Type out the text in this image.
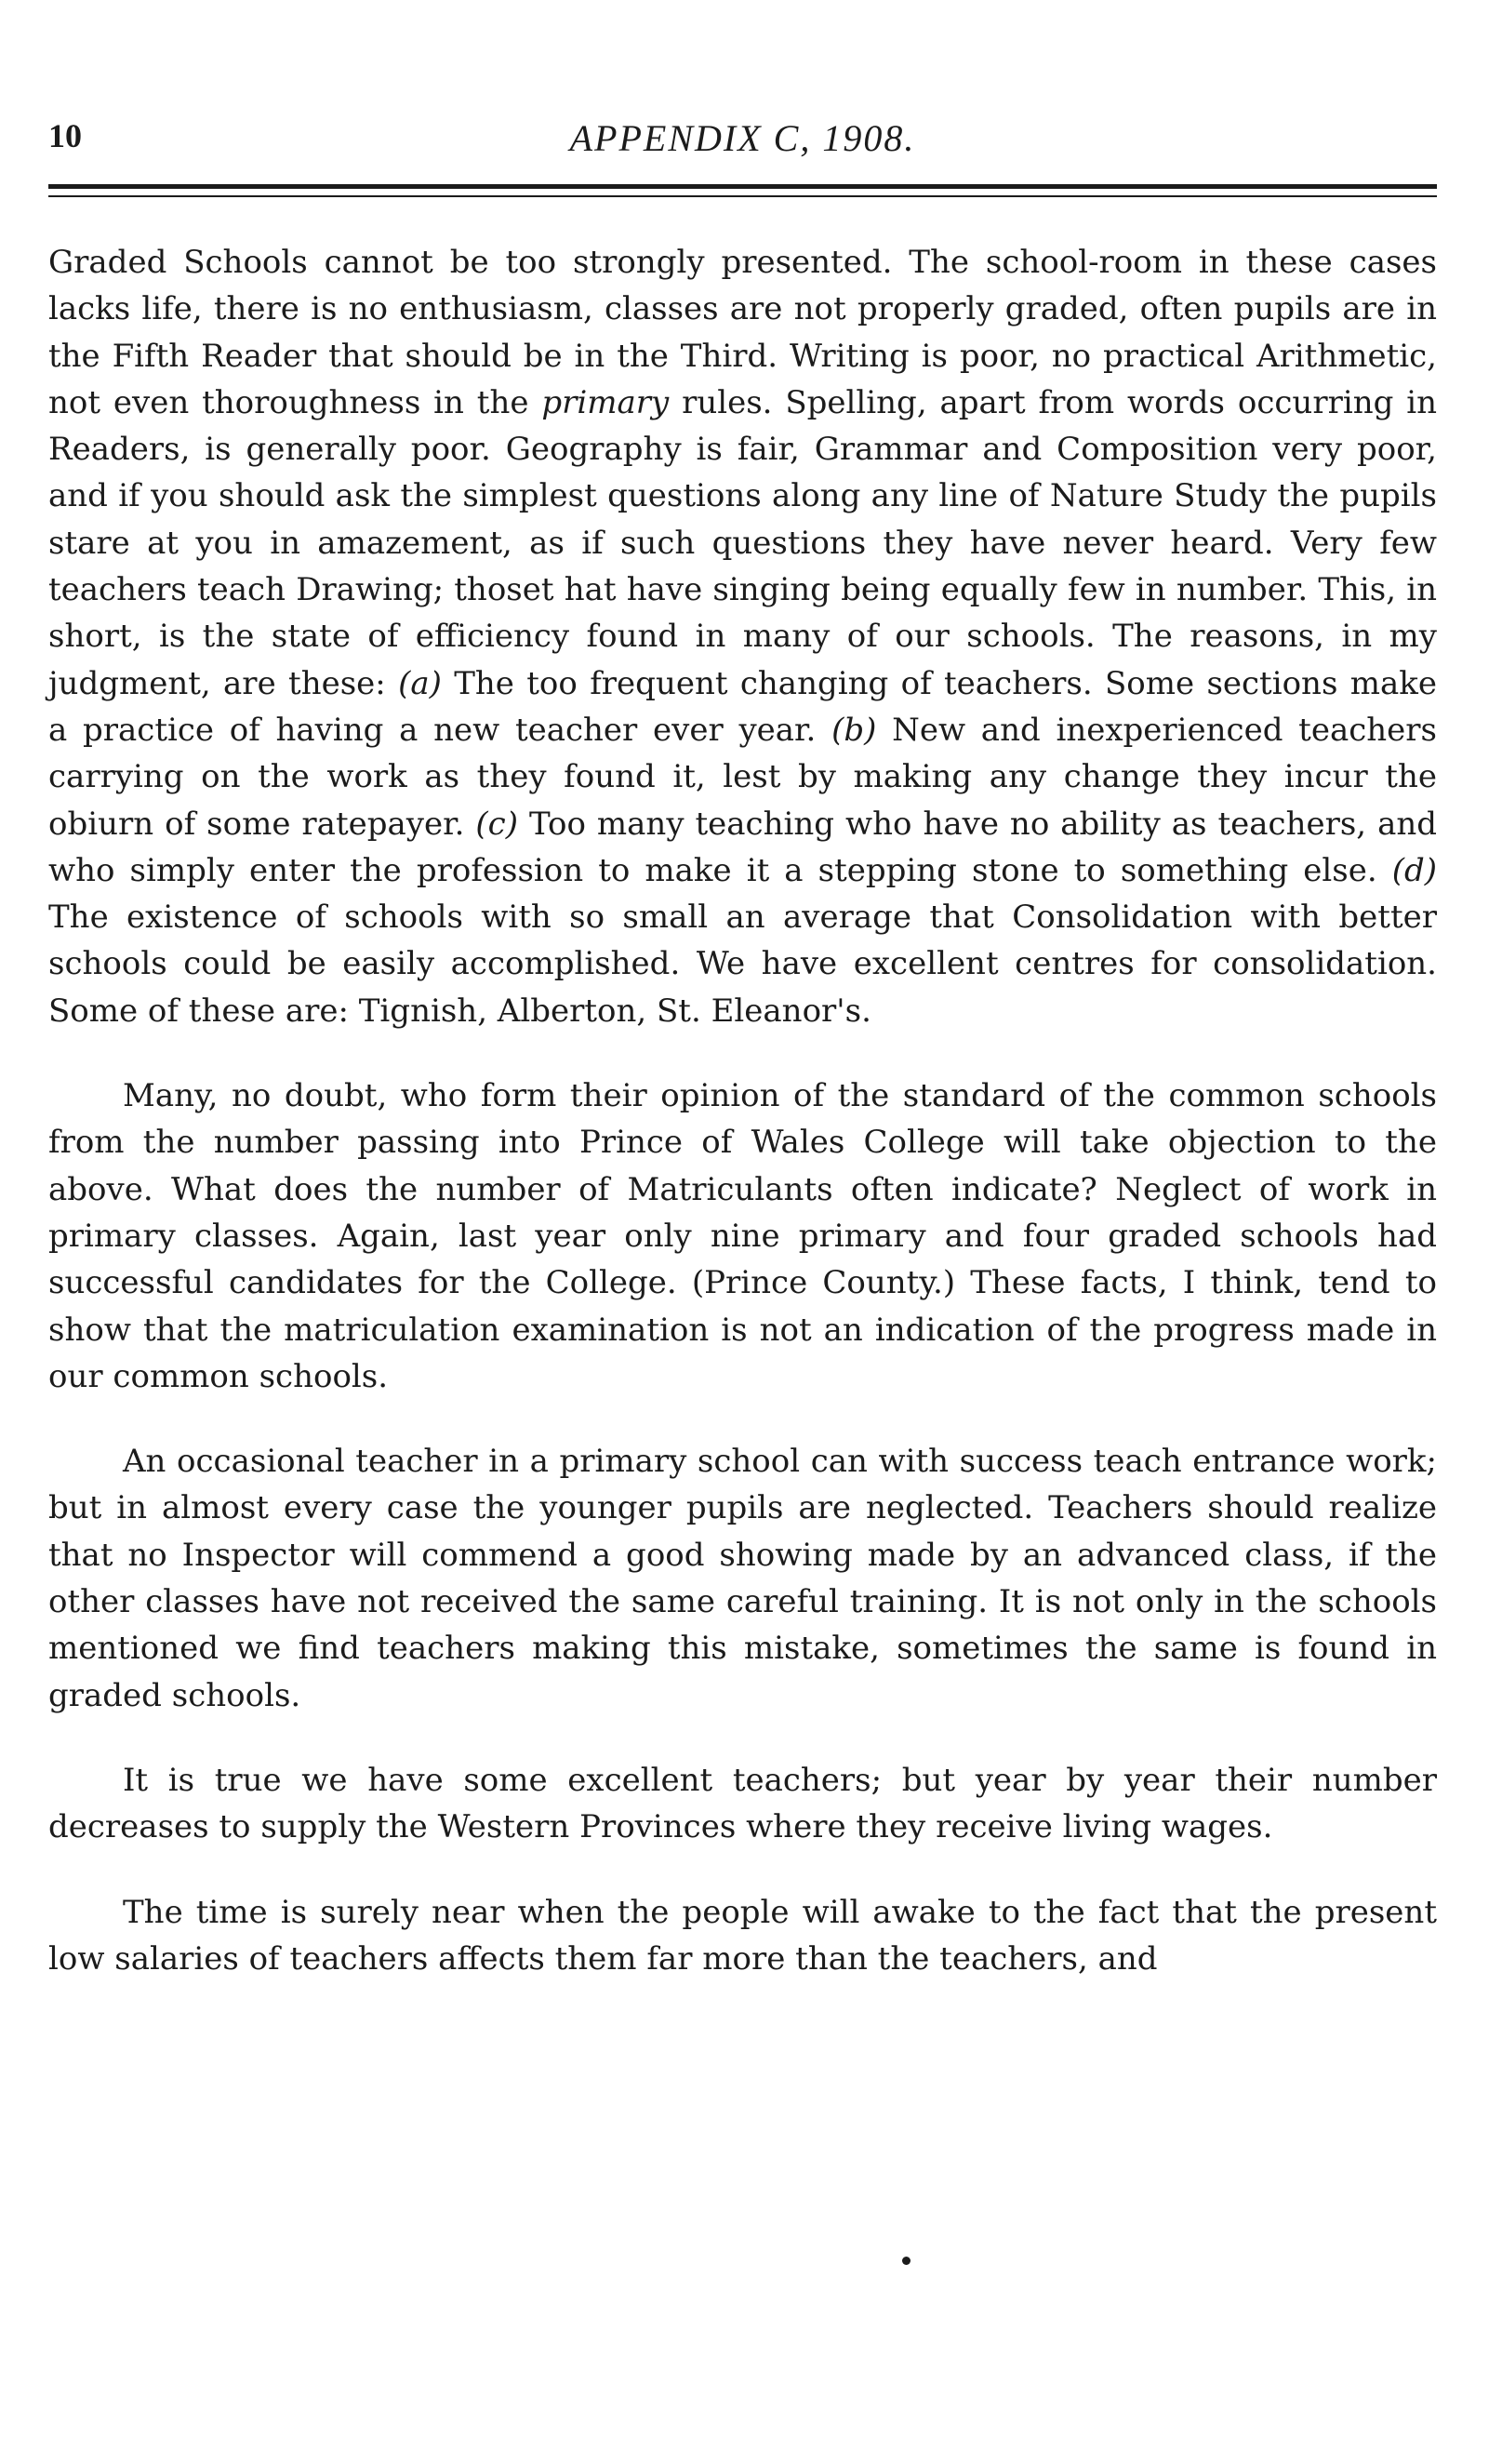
10	APPENDIX C, 1908.

Graded Schools cannot be too strongly presented. The school-room in these cases lacks life, there is no enthusiasm, classes are not properly graded, often pupils are in the Fifth Reader that should be in the Third. Writing is poor, no practical Arithmetic, not even thoroughness in the primary rules. Spelling, apart from words occurring in Readers, is generally poor. Geography is fair, Grammar and Composition very poor, and if you should ask the simplest questions along any line of Nature Study the pupils stare at you in amazement, as if such questions they have never heard. Very few teachers teach Drawing; thoset hat have singing being equally few in number. This, in short, is the state of efficiency found in many of our schools. The reasons, in my judgment, are these: (a) The too frequent changing of teachers. Some sections make a practice of having a new teacher ever year. (b) New and inexperienced teachers carrying on the work as they found it, lest by making any change they incur the obiurn of some ratepayer. (c) Too many teaching who have no ability as teachers, and who simply enter the profession to make it a stepping stone to something else. (d) The existence of schools with so small an average that Consolidation with better schools could be easily accomplished. We have excellent centres for consolidation. Some of these are: Tignish, Alberton, St. Eleanor's.

Many, no doubt, who form their opinion of the standard of the common schools from the number passing into Prince of Wales College will take objection to the above. What does the number of Matriculants often indicate? Neglect of work in primary classes. Again, last year only nine primary and four graded schools had successful candidates for the College. (Prince County.) These facts, I think, tend to show that the matriculation examination is not an indication of the progress made in our common schools.

An occasional teacher in a primary school can with success teach entrance work; but in almost every case the younger pupils are neglected. Teachers should realize that no Inspector will commend a good showing made by an advanced class, if the other classes have not received the same careful training. It is not only in the schools mentioned we find teachers making this mistake, sometimes the same is found in graded schools.

It is true we have some excellent teachers; but year by year their number decreases to supply the Western Provinces where they receive living wages.

The time is surely near when the people will awake to the fact that the present low salaries of teachers affects them far more than the teachers, and
